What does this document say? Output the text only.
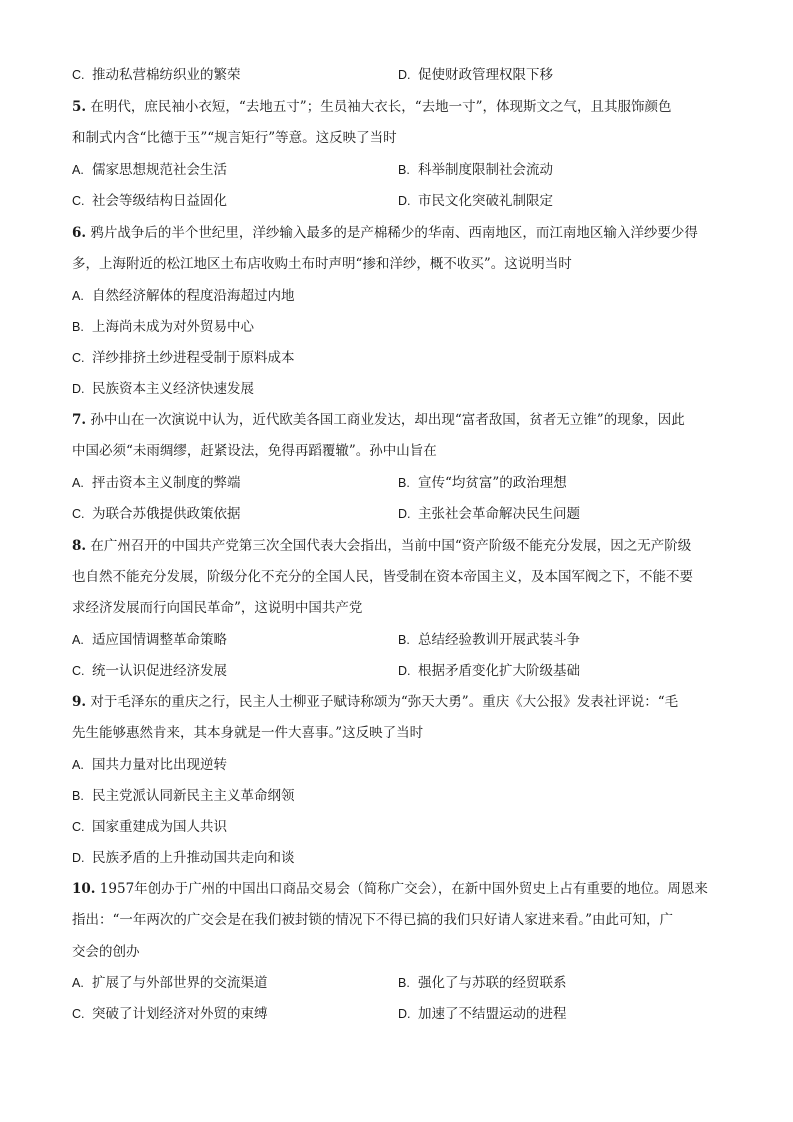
C. 推动私营棉纺织业的繁荣	D. 促使财政管理权限下移
5. 在明代，庶民袖小衣短，“去地五寸”；生员袖大衣长，“去地一寸”，体现斯文之气，且其服饰颜色
和制式内含“比德于玉”“规言矩行”等意。这反映了当时
A. 儒家思想规范社会生活	B. 科举制度限制社会流动
C. 社会等级结构日益固化	D. 市民文化突破礼制限定
6. 鸦片战争后的半个世纪里，洋纱输入最多的是产棉稀少的华南、西南地区，而江南地区输入洋纱要少得
多，上海附近的松江地区土布店收购土布时声明“掺和洋纱，概不收买”。这说明当时
A. 自然经济解体的程度沿海超过内地
B. 上海尚未成为对外贸易中心
C. 洋纱排挤土纱进程受制于原料成本
D. 民族资本主义经济快速发展
7. 孙中山在一次演说中认为，近代欧美各国工商业发达，却出现“富者敌国，贫者无立锥”的现象，因此
中国必须“未雨绸缪，赶紧设法，免得再蹈覆辙”。孙中山旨在
A. 抨击资本主义制度的弊端	B. 宣传“均贫富”的政治理想
C. 为联合苏俄提供政策依据	D. 主张社会革命解决民生问题
8. 在广州召开的中国共产党第三次全国代表大会指出，当前中国“资产阶级不能充分发展，因之无产阶级
也自然不能充分发展，阶级分化不充分的全国人民，皆受制在资本帝国主义，及本国军阀之下，不能不要
求经济发展而行向国民革命”，这说明中国共产党
A. 适应国情调整革命策略	B. 总结经验教训开展武装斗争
C. 统一认识促进经济发展	D. 根据矛盾变化扩大阶级基础
9. 对于毛泽东的重庆之行，民主人士柳亚子赋诗称颂为“弥天大勇”。重庆《大公报》发表社评说：“毛
先生能够惠然肯来，其本身就是一件大喜事。”这反映了当时
A. 国共力量对比出现逆转
B. 民主党派认同新民主主义革命纲领
C. 国家重建成为国人共识
D. 民族矛盾的上升推动国共走向和谈
10. 1957年创办于广州的中国出口商品交易会（简称广交会），在新中国外贸史上占有重要的地位。周恩来
指出：“一年两次的广交会是在我们被封锁的情况下不得已搞的我们只好请人家进来看。”由此可知，广
交会的创办
A. 扩展了与外部世界的交流渠道	B. 强化了与苏联的经贸联系
C. 突破了计划经济对外贸的束缚	D. 加速了不结盟运动的进程
